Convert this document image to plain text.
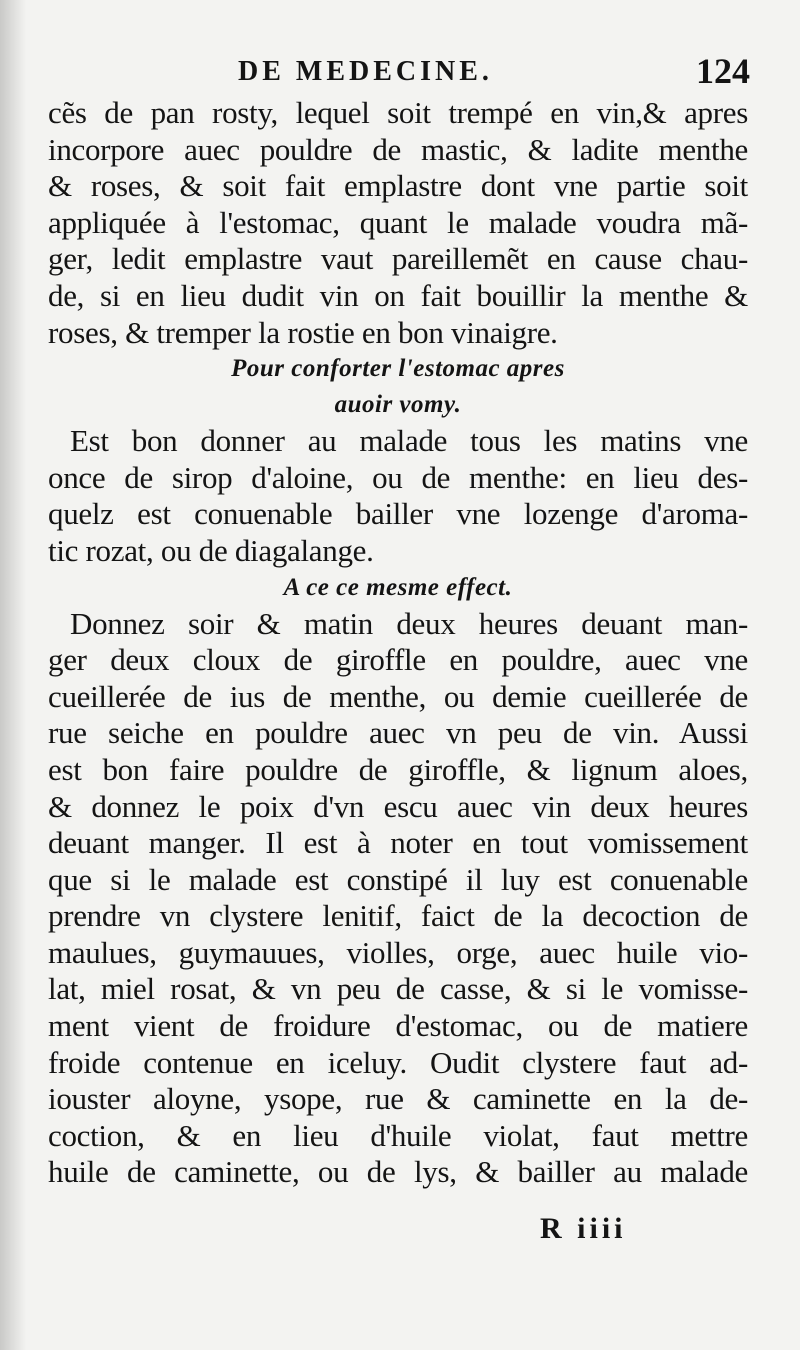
DE MEDECINE.	124
cẽs de pan rosty, lequel soit trempé en vin,& apres
incorpore auec pouldre de mastic, & ladite menthe
& roses, & soit fait emplastre dont vne partie soit
appliquée à l'estomac, quant le malade voudra mã-
ger, ledit emplastre vaut pareillemẽt en cause chau-
de, si en lieu dudit vin on fait bouillir la menthe &
roses, & tremper la rostie en bon vinaigre.
Pour conforter l'estomac apres
auoir vomy.
Est bon donner au malade tous les matins vne
once de sirop d'aloine, ou de menthe: en lieu des-
quelz est conuenable bailler vne lozenge d'aroma-
tic rozat, ou de diagalange.
A ce ce mesme effect.
Donnez soir & matin deux heures deuant man-
ger deux cloux de giroffle en pouldre, auec vne
cueillerée de ius de menthe, ou demie cueillerée de
rue seiche en pouldre auec vn peu de vin. Aussi
est bon faire pouldre de giroffle, & lignum aloes,
& donnez le poix d'vn escu auec vin deux heures
deuant manger. Il est à noter en tout vomissement
que si le malade est constipé il luy est conuenable
prendre vn clystere lenitif, faict de la decoction de
maulues, guymauues, violles, orge, auec huile vio-
lat, miel rosat, & vn peu de casse, & si le vomisse-
ment vient de froidure d'estomac, ou de matiere
froide contenue en iceluy. Oudit clystere faut ad-
iouster aloyne, ysope, rue & caminette en la de-
coction, & en lieu d'huile violat, faut mettre
huile de caminette, ou de lys, & bailler au malade
R iiii
